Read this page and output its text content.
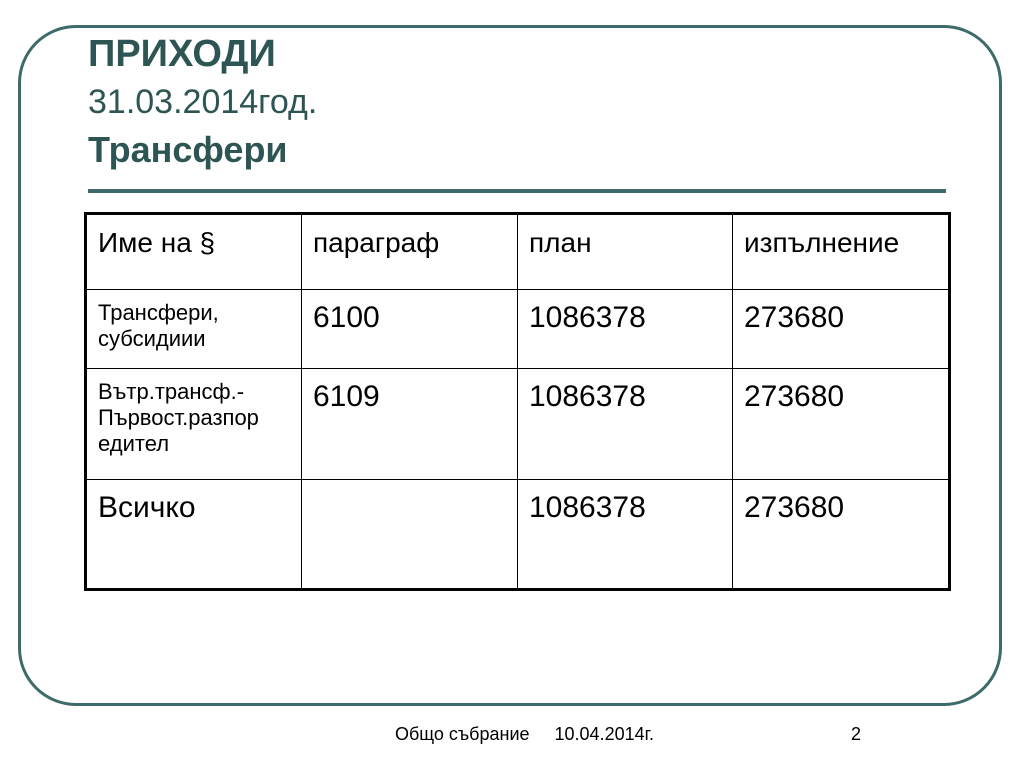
ПРИХОДИ
31.03.2014год.
Трансфери
Име на §	параграф	план	изпълнение
Трансфери,
субсидиии	6100	1086378	273680
Вътр.трансф.-
Първост.разпор
едител	6109	1086378	273680
Всичко		1086378	273680
Общо събрание     10.04.2014г.	2
